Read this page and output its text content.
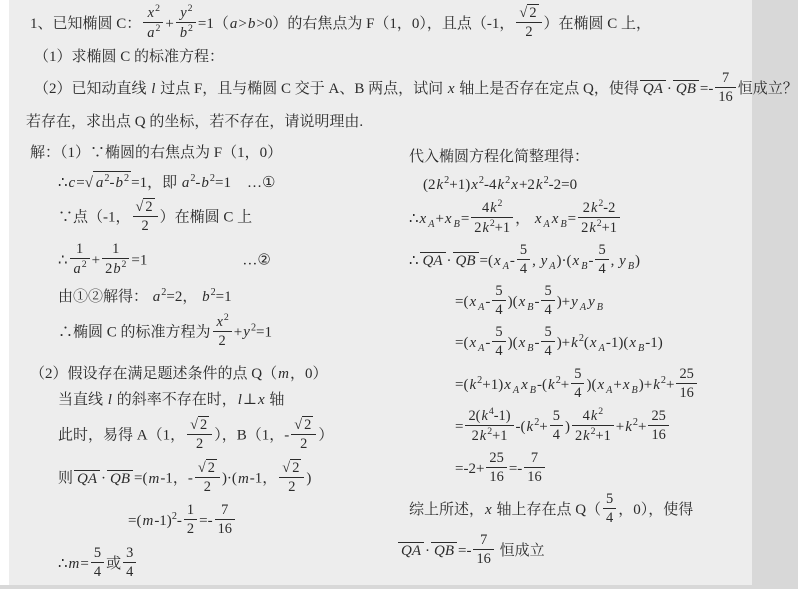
1、已知椭圆 C： $\frac{x^2}{a^2} + \frac{y^2}{b^2} =1(a>b>0)$的右焦点为 F（1，0），且点（-1， $\frac{√ 2}{2}$ ）在椭圆 C 上，
（1）求椭圆 C 的标准方程：
（2）已知动直线 l 过点 F，且与椭圆 C 交于 A、B 两点，试问 x 轴上是否存在定点 Q，使得 QA · QB =- $\frac{7}{16}$ 恒成立？
若存在，求出点 Q 的坐标，若不存在，请说明理由.
解：（1）∵椭圆的右焦点为 F（1，0）
∴c=√ $a^2-b^2 =1$，即 $a^2-b^2=1$ …①
∵点（-1， $\frac{√ 2}{2}$ ）在椭圆 C 上
∴ $\frac{1}{a^2} + \frac{1}{2b^2} =1$	…②
由①②解得： $a^2=2$， $b^2=1$
∴椭圆 C 的标准方程为 $\frac{x^2}{2} +y^2=1$
（2）假设存在满足题述条件的点 Q（m，0）
当直线 l 的斜率不存在时，l⊥x 轴
此时，易得 A（1， $\frac{√ 2}{2}$ ），B（1，- $\frac{√ 2}{2}$ ）
则 QA · QB =(m-1，- $\frac{√ 2}{2} )\cdot(m-1$， $\frac{√ 2}{2}$ )
$=(m-1)^2- \frac{1}{2} =- \frac{7}{16}$
∴m= $\frac{5}{4}$ 或 $\frac{3}{4}$
代入椭圆方程化简整理得：
$(2k^2+1)x^2-4k^2x+2k^2-2=0$
∴x $_A$+x $_B= \frac{4k^2}{2k^2+1}$ ， x $_A$ x $_B= \frac{2k^2-2}{2k^2+1}$
∴ QA · QB =(x $_A- \frac{5}{4}$ , y $_A$)·(x $_B- \frac{5}{4}$ , y $_B$)
=(x $_A- \frac{5}{4} )(x$ $_B- \frac{5}{4} )+y$ $_A$ y $_B$
=(x $_A- \frac{5}{4} )(x$ $_B- \frac{5}{4} )+k^2(x$ $_A$-1)(x $_B$-1)
$=(k^2+1)x$ $_A$ x $_B-(k^2+ \frac{5}{4} )(x$ $_A$+x $_B)+k^2+ \frac{25}{16}$
= $\frac{2(k^4-1)}{2k^2+1} -(k^2+ \frac{5}{4}$ ) $\frac{4k^2}{2k^2+1} +k^2+ \frac{25}{16}$
$=-2+ \frac{25}{16} =- \frac{7}{16}$
综上所述，x 轴上存在点 $Q( \frac{5}{4}$ ，0），使得
QA · QB =- $\frac{7}{16}$ 恒成立
